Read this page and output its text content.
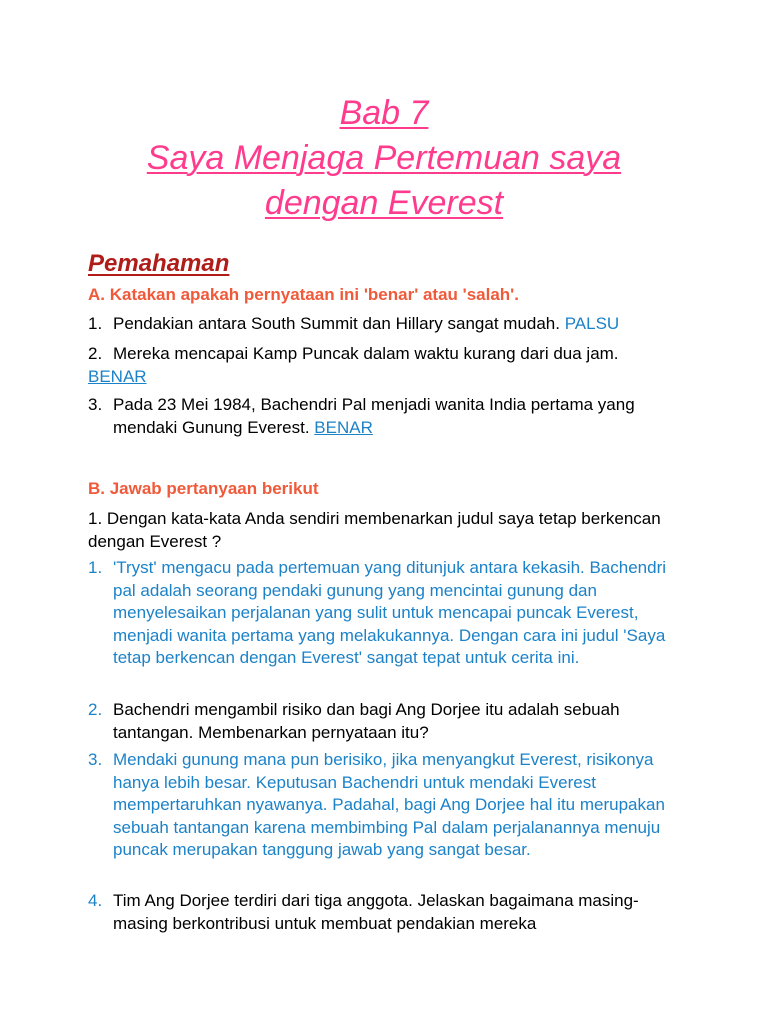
Bab 7
Saya Menjaga Pertemuan saya
dengan Everest
Pemahaman

A. Katakan apakah pernyataan ini 'benar' atau 'salah'.

1. Pendakian antara South Summit dan Hillary sangat mudah. PALSU
2. Mereka mencapai Kamp Puncak dalam waktu kurang dari dua jam.
BENAR
3. Pada 23 Mei 1984, Bachendri Pal menjadi wanita India pertama yang mendaki Gunung Everest. BENAR

B. Jawab pertanyaan berikut

1. Dengan kata-kata Anda sendiri membenarkan judul saya tetap berkencan dengan Everest ?

1. 'Tryst' mengacu pada pertemuan yang ditunjuk antara kekasih. Bachendri pal adalah seorang pendaki gunung yang mencintai gunung dan menyelesaikan perjalanan yang sulit untuk mencapai puncak Everest, menjadi wanita pertama yang melakukannya. Dengan cara ini judul 'Saya tetap berkencan dengan Everest' sangat tepat untuk cerita ini.
2. Bachendri mengambil risiko dan bagi Ang Dorjee itu adalah sebuah tantangan. Membenarkan pernyataan itu?
3. Mendaki gunung mana pun berisiko, jika menyangkut Everest, risikonya hanya lebih besar. Keputusan Bachendri untuk mendaki Everest mempertaruhkan nyawanya. Padahal, bagi Ang Dorjee hal itu merupakan sebuah tantangan karena membimbing Pal dalam perjalanannya menuju puncak merupakan tanggung jawab yang sangat besar.
4. Tim Ang Dorjee terdiri dari tiga anggota. Jelaskan bagaimana masing-masing berkontribusi untuk membuat pendakian mereka
